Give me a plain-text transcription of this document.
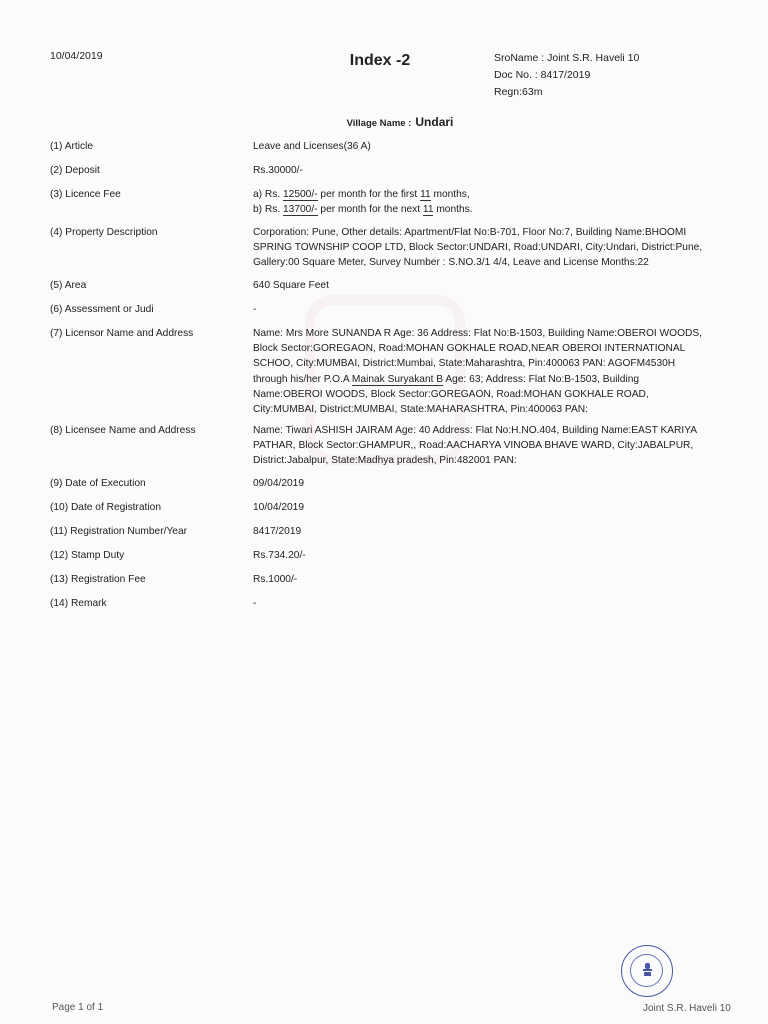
10/04/2019	Index -2	SroName : Joint S.R. Haveli 10
Doc No. : 8417/2019
Regn:63m
Village Name : Undari
(1) Article	Leave and Licenses(36 A)
(2) Deposit	Rs.30000/-
(3) Licence Fee	a) Rs. 12500/- per month for the first 11 months,
b) Rs. 13700/- per month for the next 11 months.
(4) Property Description	Corporation: Pune, Other details: Apartment/Flat No:B-701, Floor No:7, Building Name:BHOOMI
SPRING TOWNSHIP COOP LTD, Block Sector:UNDARI, Road:UNDARI, City:Undari, District:Pune,
Gallery:00 Square Meter, Survey Number : S.NO.3/1 4/4, Leave and License Months:22
(5) Area	640 Square Feet
(6) Assessment or Judi	-
(7) Licensor Name and Address	Name: Mrs More SUNANDA R Age: 36 Address: Flat No:B-1503, Building Name:OBEROI WOODS,
Block Sector:GOREGAON, Road:MOHAN GOKHALE ROAD,NEAR OBEROI INTERNATIONAL
SCHOO, City:MUMBAI, District:Mumbai, State:Maharashtra, Pin:400063 PAN: AGOFM4530H
through his/her P.O.A Mainak Suryakant B Age: 63; Address: Flat No:B-1503, Building
Name:OBEROI WOODS, Block Sector:GOREGAON, Road:MOHAN GOKHALE ROAD,
City:MUMBAI, District:MUMBAI, State:MAHARASHTRA, Pin:400063 PAN:
(8) Licensee Name and Address	Name: Tiwari ASHISH JAIRAM Age: 40 Address: Flat No:H.NO.404, Building Name:EAST KARIYA
PATHAR, Block Sector:GHAMPUR,, Road:AACHARYA VINOBA BHAVE WARD, City:JABALPUR,
District:Jabalpur, State:Madhya pradesh, Pin:482001 PAN:
(9) Date of Execution	09/04/2019
(10) Date of Registration	10/04/2019
(11) Registration Number/Year	8417/2019
(12) Stamp Duty	Rs.734.20/-
(13) Registration Fee	Rs.1000/-
(14) Remark	-
Page 1 of 1	Joint S.R. Haveli 10
